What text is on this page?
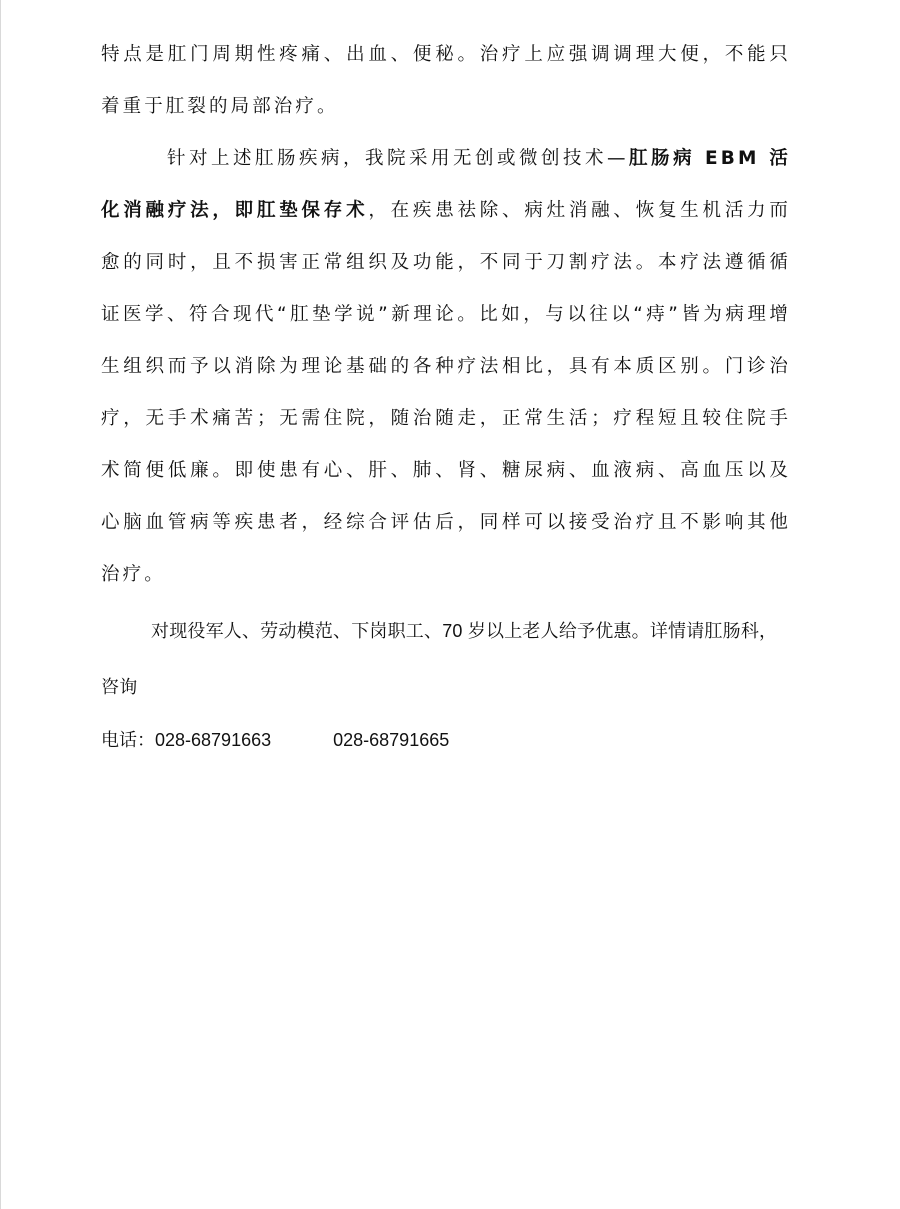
特点是肛门周期性疼痛、出血、便秘。治疗上应强调调理大便，不能只着重于肛裂的局部治疗。

针对上述肛肠疾病，我院采用无创或微创技术—肛肠病 EBM 活化消融疗法，即肛垫保存术，在疾患祛除、病灶消融、恢复生机活力而愈的同时，且不损害正常组织及功能，不同于刀割疗法。本疗法遵循循证医学、符合现代“肛垫学说”新理论。比如，与以往以“痔”皆为病理增生组织而予以消除为理论基础的各种疗法相比，具有本质区别。门诊治疗，无手术痛苦；无需住院，随治随走，正常生活；疗程短且较住院手术简便低廉。即使患有心、肝、肺、肾、糖尿病、血液病、高血压以及心脑血管病等疾患者，经综合评估后，同样可以接受治疗且不影响其他治疗。

对现役军人、劳动模范、下岗职工、70 岁以上老人给予优惠。详情请肛肠科，咨询

电话：028-68791663	028-68791665
